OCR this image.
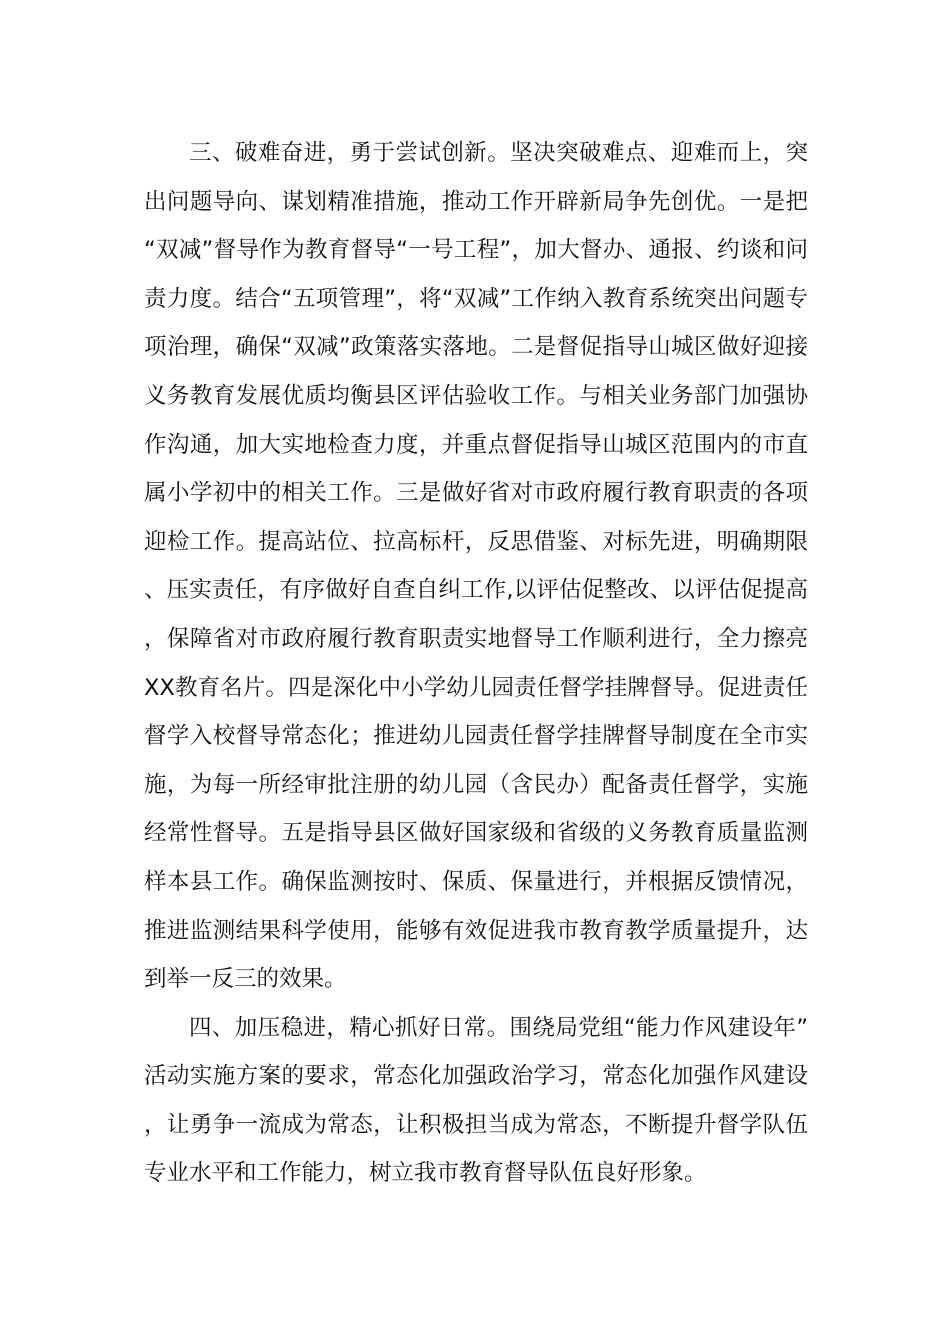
三、破难奋进，勇于尝试创新。坚决突破难点、迎难而上，突出问题导向、谋划精准措施，推动工作开辟新局争先创优。一是把“双减”督导作为教育督导“一号工程”，加大督办、通报、约谈和问责力度。结合“五项管理”，将“双减”工作纳入教育系统突出问题专项治理，确保“双减”政策落实落地。二是督促指导山城区做好迎接义务教育发展优质均衡县区评估验收工作。与相关业务部门加强协作沟通，加大实地检查力度，并重点督促指导山城区范围内的市直属小学初中的相关工作。三是做好省对市政府履行教育职责的各项迎检工作。提高站位、拉高标杆，反思借鉴、对标先进，明确期限、压实责任，有序做好自查自纠工作,以评估促整改、以评估促提高，保障省对市政府履行教育职责实地督导工作顺利进行，全力擦亮XX教育名片。四是深化中小学幼儿园责任督学挂牌督导。促进责任督学入校督导常态化；推进幼儿园责任督学挂牌督导制度在全市实施，为每一所经审批注册的幼儿园（含民办）配备责任督学，实施经常性督导。五是指导县区做好国家级和省级的义务教育质量监测样本县工作。确保监测按时、保质、保量进行，并根据反馈情况，推进监测结果科学使用，能够有效促进我市教育教学质量提升，达到举一反三的效果。

四、加压稳进，精心抓好日常。围绕局党组“能力作风建设年”活动实施方案的要求，常态化加强政治学习，常态化加强作风建设，让勇争一流成为常态，让积极担当成为常态，不断提升督学队伍专业水平和工作能力，树立我市教育督导队伍良好形象。
